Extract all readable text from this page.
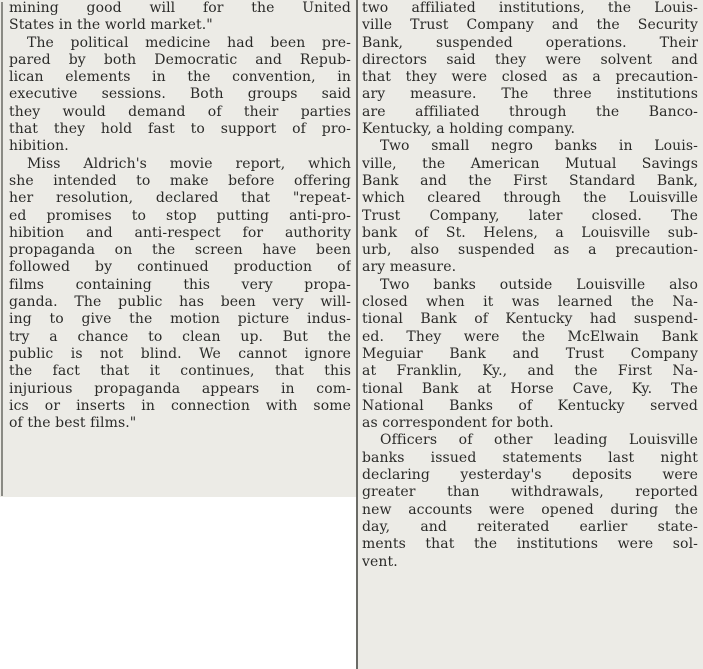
mining good will for the United
States in the world market."
The political medicine had been pre-
pared by both Democratic and Repub-
lican elements in the convention, in
executive sessions. Both groups said
they would demand of their parties
that they hold fast to support of pro-
hibition.
Miss Aldrich's movie report, which
she intended to make before offering
her resolution, declared that "repeat-
ed promises to stop putting anti-pro-
hibition and anti-respect for authority
propaganda on the screen have been
followed by continued production of
films containing this very propa-
ganda. The public has been very will-
ing to give the motion picture indus-
try a chance to clean up. But the
public is not blind. We cannot ignore
the fact that it continues, that this
injurious propaganda appears in com-
ics or inserts in connection with some
of the best films."
two affiliated institutions, the Louis-
ville Trust Company and the Security
Bank, suspended operations. Their
directors said they were solvent and
that they were closed as a precaution-
ary measure. The three institutions
are affiliated through the Banco-
Kentucky, a holding company.
Two small negro banks in Louis-
ville, the American Mutual Savings
Bank and the First Standard Bank,
which cleared through the Louisville
Trust Company, later closed. The
bank of St. Helens, a Louisville sub-
urb, also suspended as a precaution-
ary measure.
Two banks outside Louisville also
closed when it was learned the Na-
tional Bank of Kentucky had suspend-
ed. They were the McElwain Bank
Meguiar Bank and Trust Company
at Franklin, Ky., and the First Na-
tional Bank at Horse Cave, Ky. The
National Banks of Kentucky served
as correspondent for both.
Officers of other leading Louisville
banks issued statements last night
declaring yesterday's deposits were
greater than withdrawals, reported
new accounts were opened during the
day, and reiterated earlier state-
ments that the institutions were sol-
vent.
